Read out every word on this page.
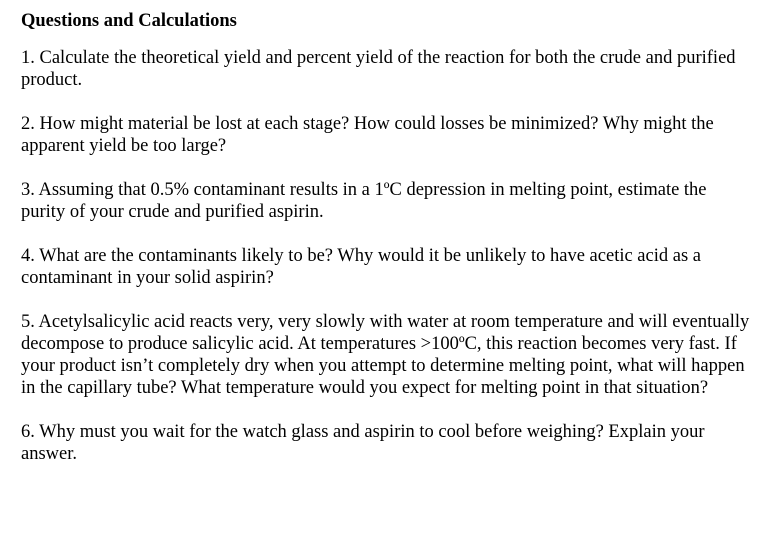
Questions and Calculations

1. Calculate the theoretical yield and percent yield of the reaction for both the crude and purified product.

2. How might material be lost at each stage? How could losses be minimized? Why might the apparent yield be too large?

3. Assuming that 0.5% contaminant results in a 1ºC depression in melting point, estimate the purity of your crude and purified aspirin.

4. What are the contaminants likely to be? Why would it be unlikely to have acetic acid as a contaminant in your solid aspirin?

5. Acetylsalicylic acid reacts very, very slowly with water at room temperature and will eventually decompose to produce salicylic acid. At temperatures >100ºC, this reaction becomes very fast. If your product isn’t completely dry when you attempt to determine melting point, what will happen in the capillary tube? What temperature would you expect for melting point in that situation?

6. Why must you wait for the watch glass and aspirin to cool before weighing? Explain your answer.
